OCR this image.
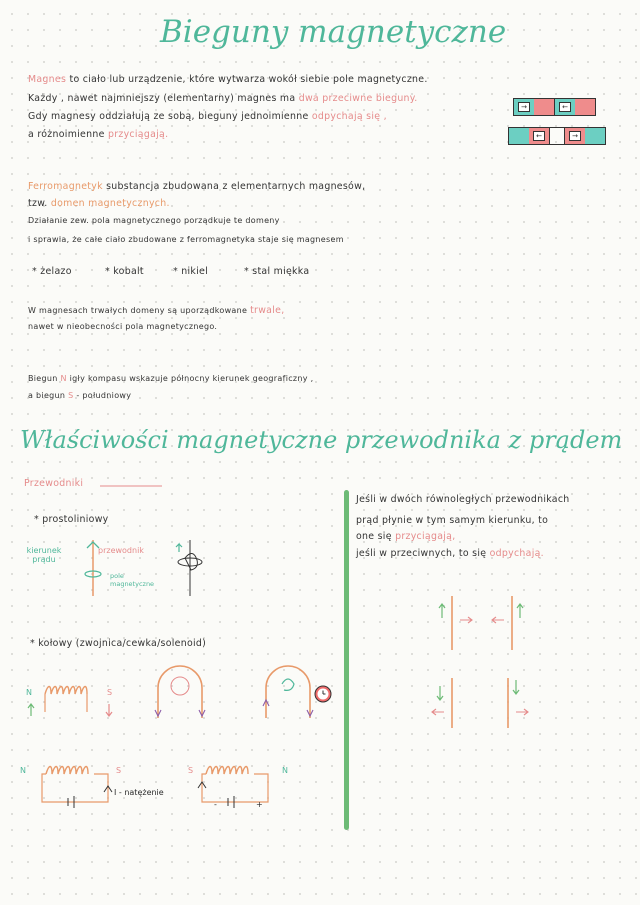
Bieguny magnetyczne
Magnes to ciało lub urządzenie, które wytwarza wokół siebie pole magnetyczne.
Każdy , nawet najmniejszy (elementarny) magnes ma dwa przeciwne bieguny.
Gdy magnesy oddziałują ze sobą, bieguny jednoimienne odpychają się ,
a różnoimienne przyciągają.
→	←
←	→
Ferromagnetyk substancja zbudowana z elementarnych magnesów,
tzw. domen magnetycznych.
Działanie zew. pola magnetycznego porządkuje te domeny
i sprawia, że całe ciało zbudowane z ferromagnetyka staje się magnesem
* żelazo	* kobalt	* nikiel	* stal miękka
W magnesach trwałych domeny są uporządkowane trwale,
nawet w nieobecności pola magnetycznego.
Biegun N igły kompasu wskazuje północny kierunek geograficzny ,
a biegun S - południowy
Właściwości magnetyczne przewodnika z prądem
Przewodniki
* prostoliniowy
kierunek prądu
przewodnik
pole magnetyczne
* kołowy (zwojnica/cewka/solenoid)
N	S
N	S
I - natężenie
S	N
-	+
Jeśli w dwóch równoległych przewodnikach
prąd płynie w tym samym kierunku, to
one się przyciągają,
jeśli w przeciwnych, to się odpychają.
